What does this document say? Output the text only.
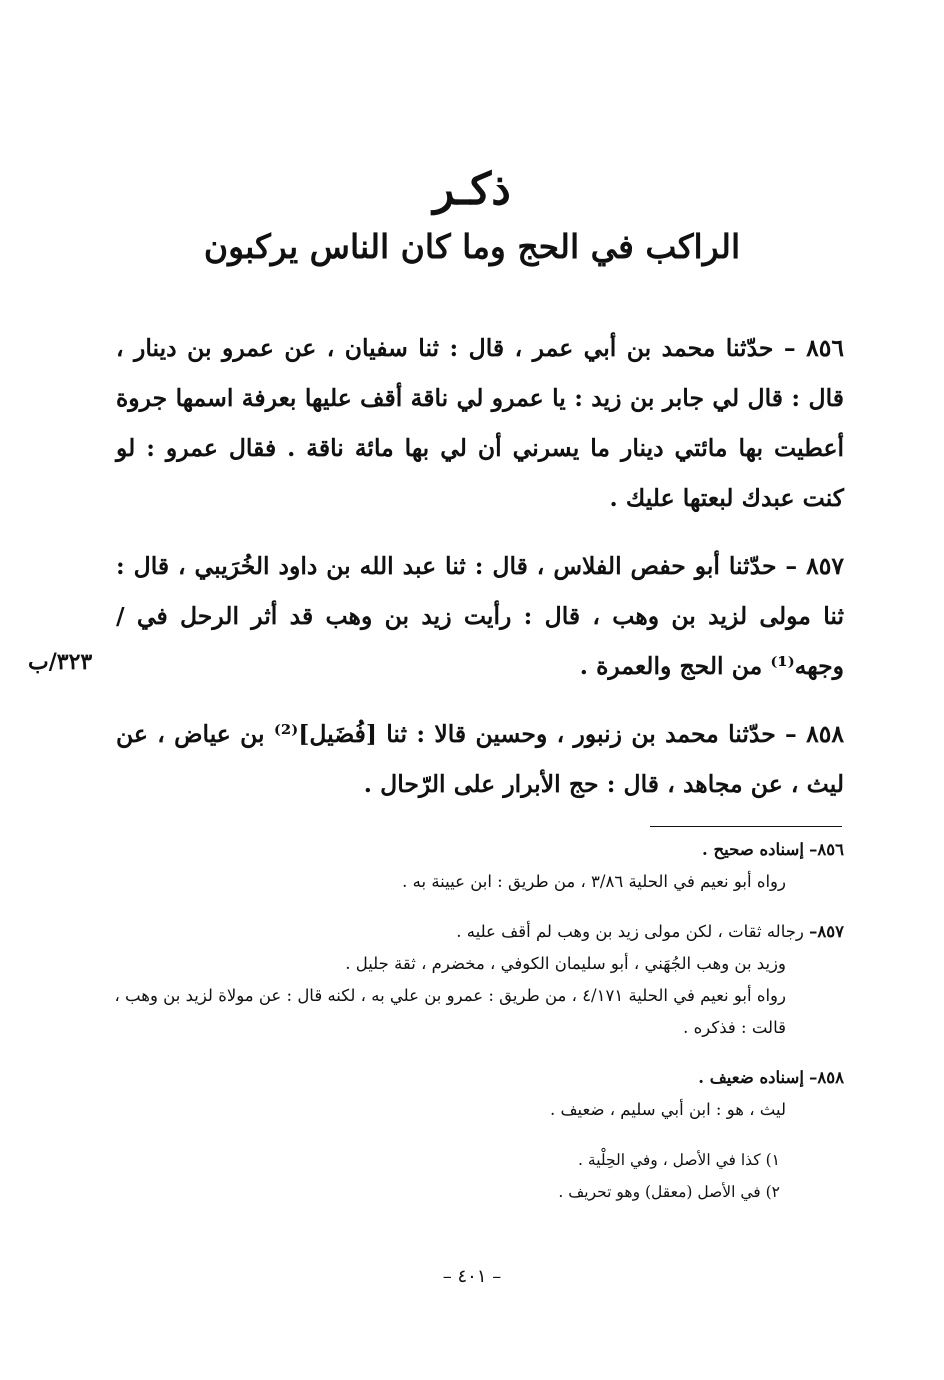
ذكـر
الراكب في الحج وما كان الناس يركبون

٨٥٦ – حدّثنا محمد بن أبي عمر ، قال : ثنا سفيان ، عن عمرو بن دينار ، قال : قال لي جابر بن زيد : يا عمرو لي ناقة أقف عليها بعرفة اسمها جروة أعطيت بها مائتي دينار ما يسرني أن لي بها مائة ناقة . فقال عمرو : لو كنت عبدك لبعتها عليك .

٨٥٧ – حدّثنا أبو حفص الفلاس ، قال : ثنا عبد الله بن داود الخُرَيبي ، قال : ثنا مولى لزيد بن وهب ، قال : رأيت زيد بن وهب قد أثر الرحل في /وجهه⁽¹⁾ من الحج والعمرة .

٨٥٨ – حدّثنا محمد بن زنبور ، وحسين قالا : ثنا [فُضَيل]⁽²⁾ بن عياض ، عن ليث ، عن مجاهد ، قال : حج الأبرار على الرّحال .

٣٢٣/ب

٨٥٦– إسناده صحيح .

رواه أبو نعيم في الحلية ٣/٨٦ ، من طريق : ابن عيينة به .

٨٥٧– رجاله ثقات ، لكن مولى زيد بن وهب لم أقف عليه .

وزيد بن وهب الجُهَني ، أبو سليمان الكوفي ، مخضرم ، ثقة جليل .

رواه أبو نعيم في الحلية ٤/١٧١ ، من طريق : عمرو بن علي به ، لكنه قال : عن مولاة لزيد بن وهب ، قالت : فذكره .

٨٥٨– إسناده ضعيف .

ليث ، هو : ابن أبي سليم ، ضعيف .

١) كذا في الأصل ، وفي الحِلْية .

٢) في الأصل (معقل) وهو تحريف .

– ٤٠١ –
